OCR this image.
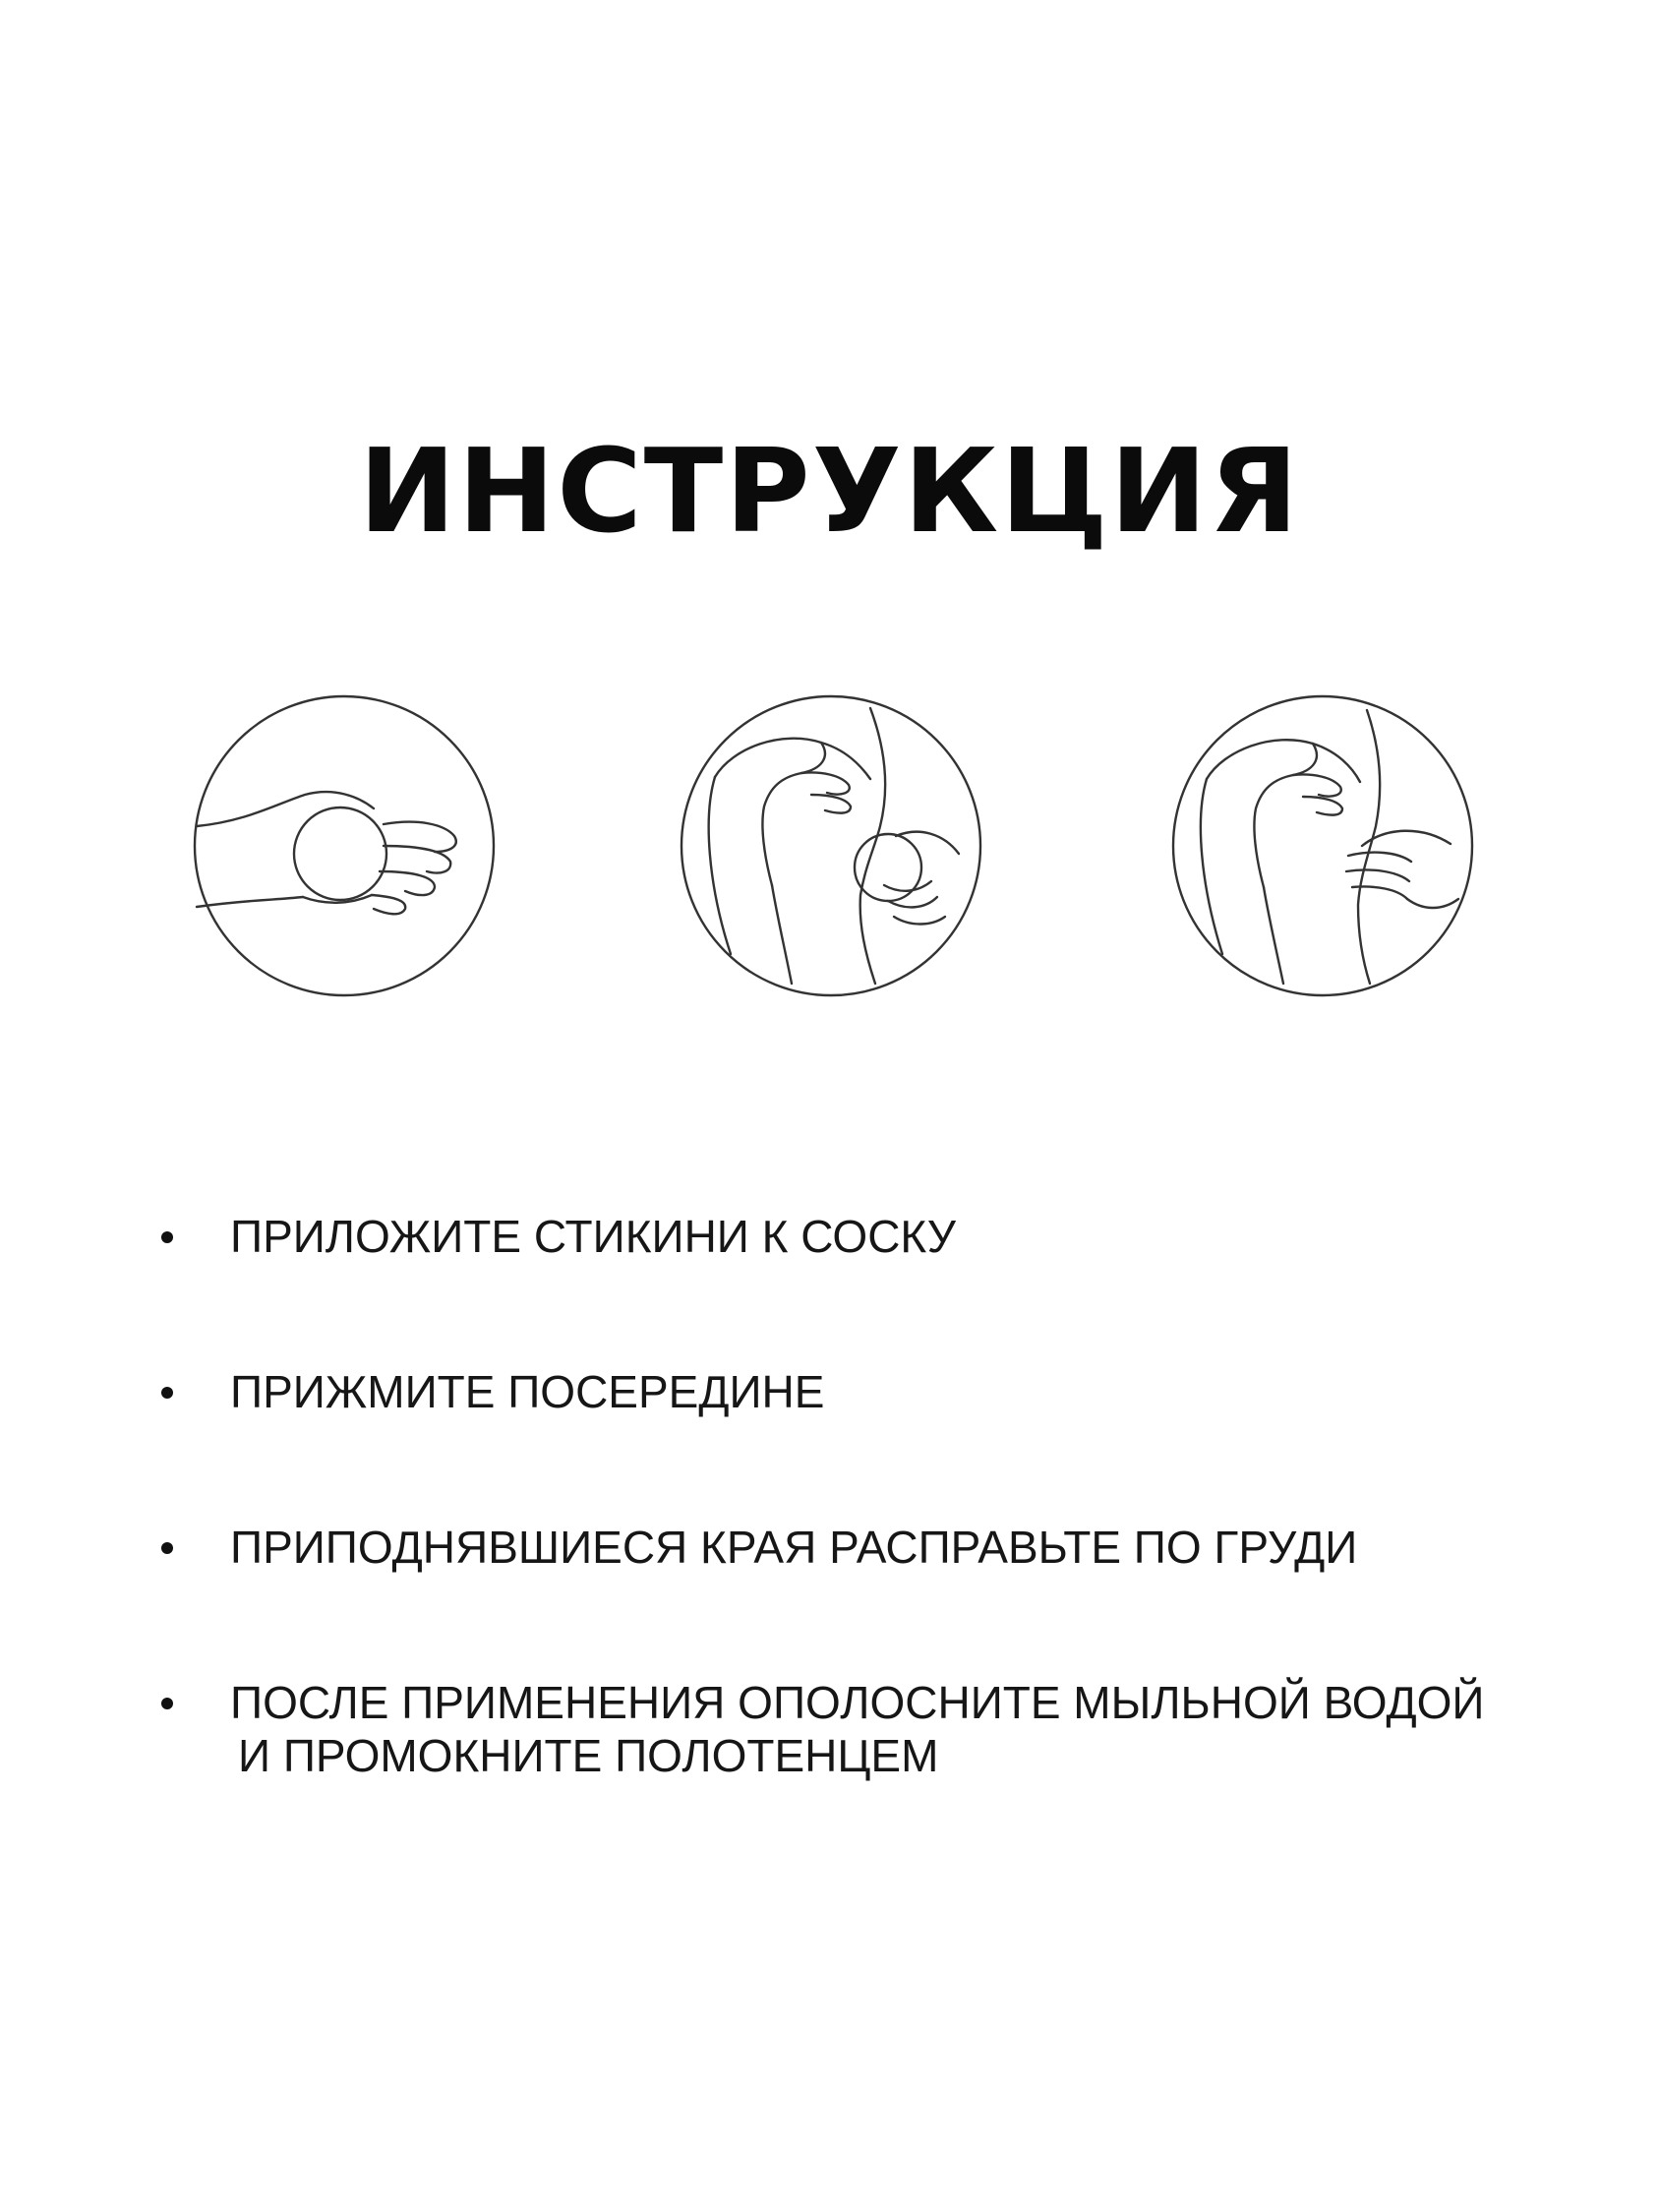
ИНСТРУКЦИЯ
ПРИЛОЖИТЕ СТИКИНИ К СОСКУ
ПРИЖМИТЕ ПОСЕРЕДИНЕ
ПРИПОДНЯВШИЕСЯ КРАЯ РАСПРАВЬТЕ ПО ГРУДИ
ПОСЛЕ ПРИМЕНЕНИЯ ОПОЛОСНИТЕ МЫЛЬНОЙ ВОДОЙ
И ПРОМОКНИТЕ ПОЛОТЕНЦЕМ
